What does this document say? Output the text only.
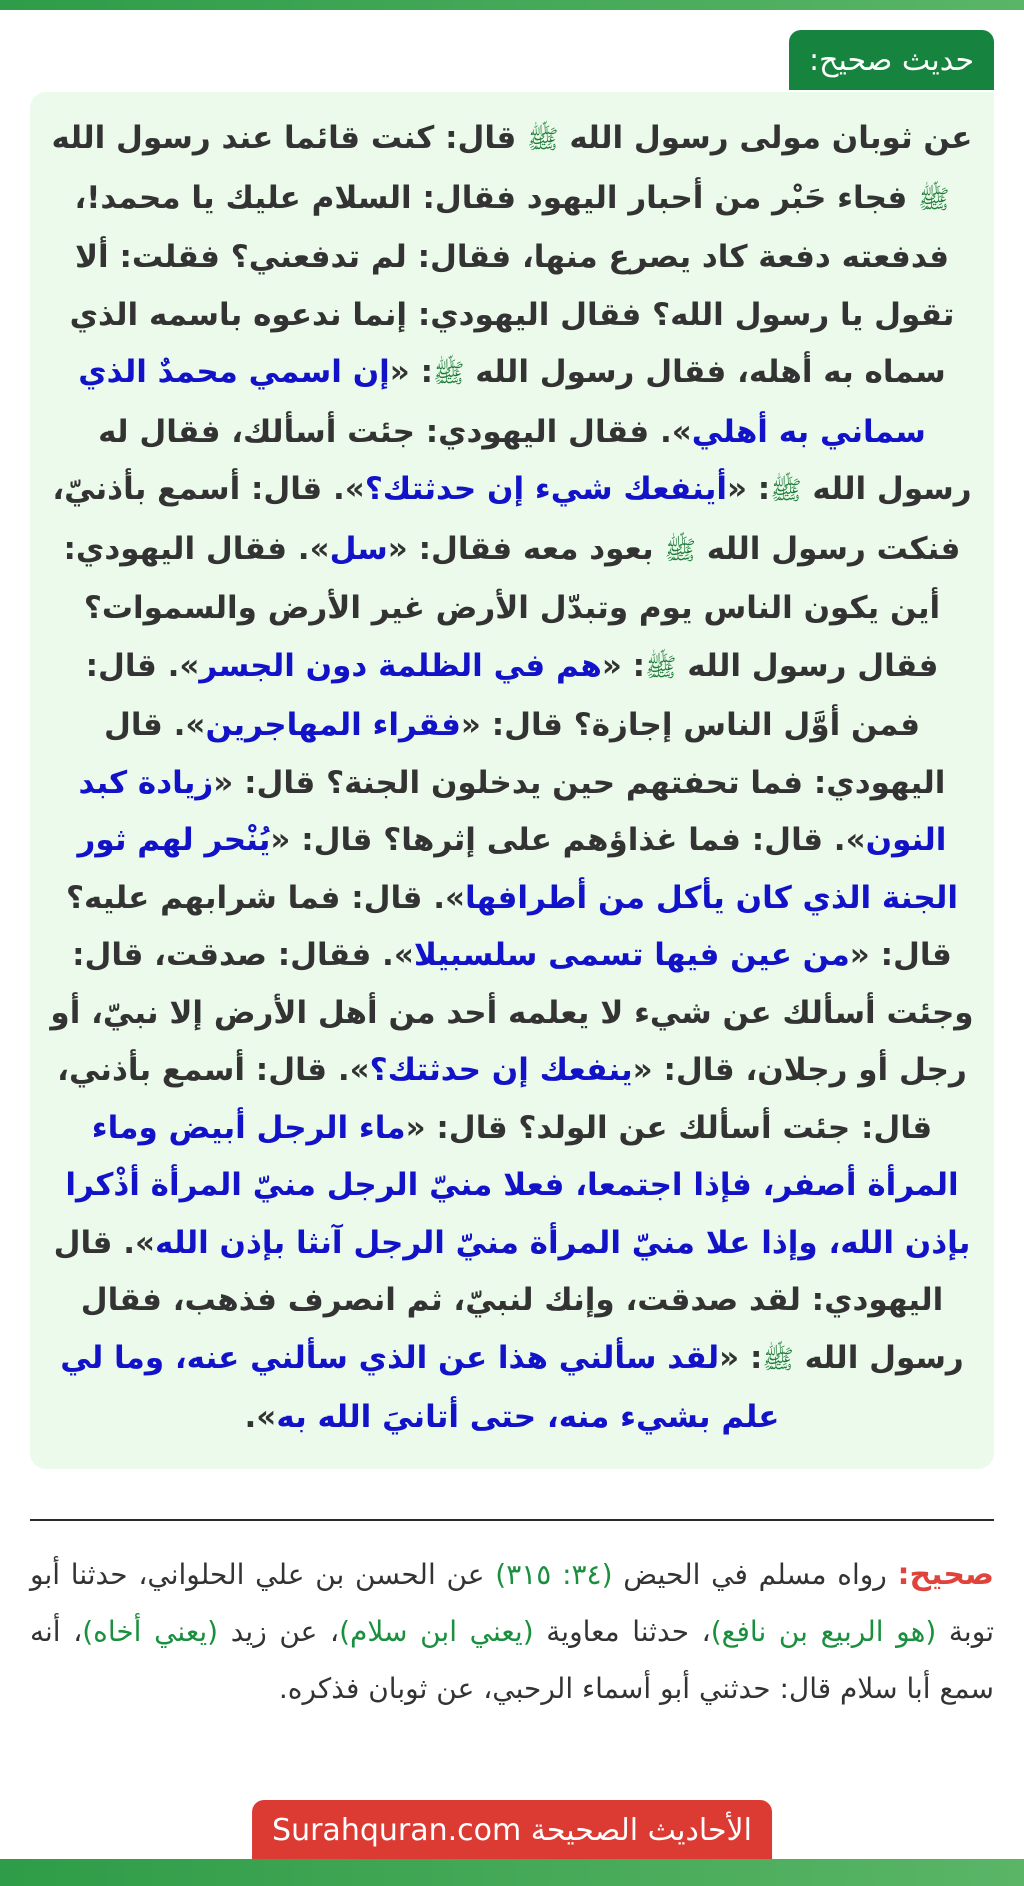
حديث صحيح:

عن ثوبان مولى رسول الله ﷺ قال: كنت قائما عند رسول الله ﷺ فجاء حَبْر من أحبار اليهود فقال: السلام عليك يا محمد!، فدفعته دفعة كاد يصرع منها، فقال: لم تدفعني؟ فقلت: ألا تقول يا رسول الله؟ فقال اليهودي: إنما ندعوه باسمه الذي سماه به أهله، فقال رسول الله ﷺ: «إن اسمي محمدٌ الذي سماني به أهلي». فقال اليهودي: جئت أسألك، فقال له رسول الله ﷺ: «أينفعك شيء إن حدثتك؟». قال: أسمع بأذنيّ، فنكت رسول الله ﷺ بعود معه فقال: «سل». فقال اليهودي: أين يكون الناس يوم وتبدّل الأرض غير الأرض والسموات؟ فقال رسول الله ﷺ: «هم في الظلمة دون الجسر». قال: فمن أوَّل الناس إجازة؟ قال: «فقراء المهاجرين». قال اليهودي: فما تحفتهم حين يدخلون الجنة؟ قال: «زيادة كبد النون». قال: فما غذاؤهم على إثرها؟ قال: «يُنْحر لهم ثور الجنة الذي كان يأكل من أطرافها». قال: فما شرابهم عليه؟ قال: «من عين فيها تسمى سلسبيلا». فقال: صدقت، قال: وجئت أسألك عن شيء لا يعلمه أحد من أهل الأرض إلا نبيّ، أو رجل أو رجلان، قال: «ينفعك إن حدثتك؟». قال: أسمع بأذني، قال: جئت أسألك عن الولد؟ قال: «ماء الرجل أبيض وماء المرأة أصفر، فإذا اجتمعا، فعلا منيّ الرجل منيّ المرأة أذْكرا بإذن الله، وإذا علا منيّ المرأة منيّ الرجل آنثا بإذن الله». قال اليهودي: لقد صدقت، وإنك لنبيّ، ثم انصرف فذهب، فقال رسول الله ﷺ: «لقد سألني هذا عن الذي سألني عنه، وما لي علم بشيء منه، حتى أتانيَ الله به».

صحيح: رواه مسلم في الحيض (٣٤: ٣١٥) عن الحسن بن علي الحلواني، حدثنا أبو توبة (هو الربيع بن نافع)، حدثنا معاوية (يعني ابن سلام)، عن زيد (يعني أخاه)، أنه سمع أبا سلام قال: حدثني أبو أسماء الرحبي، عن ثوبان فذكره.

الأحاديث الصحيحة Surahquran.com
